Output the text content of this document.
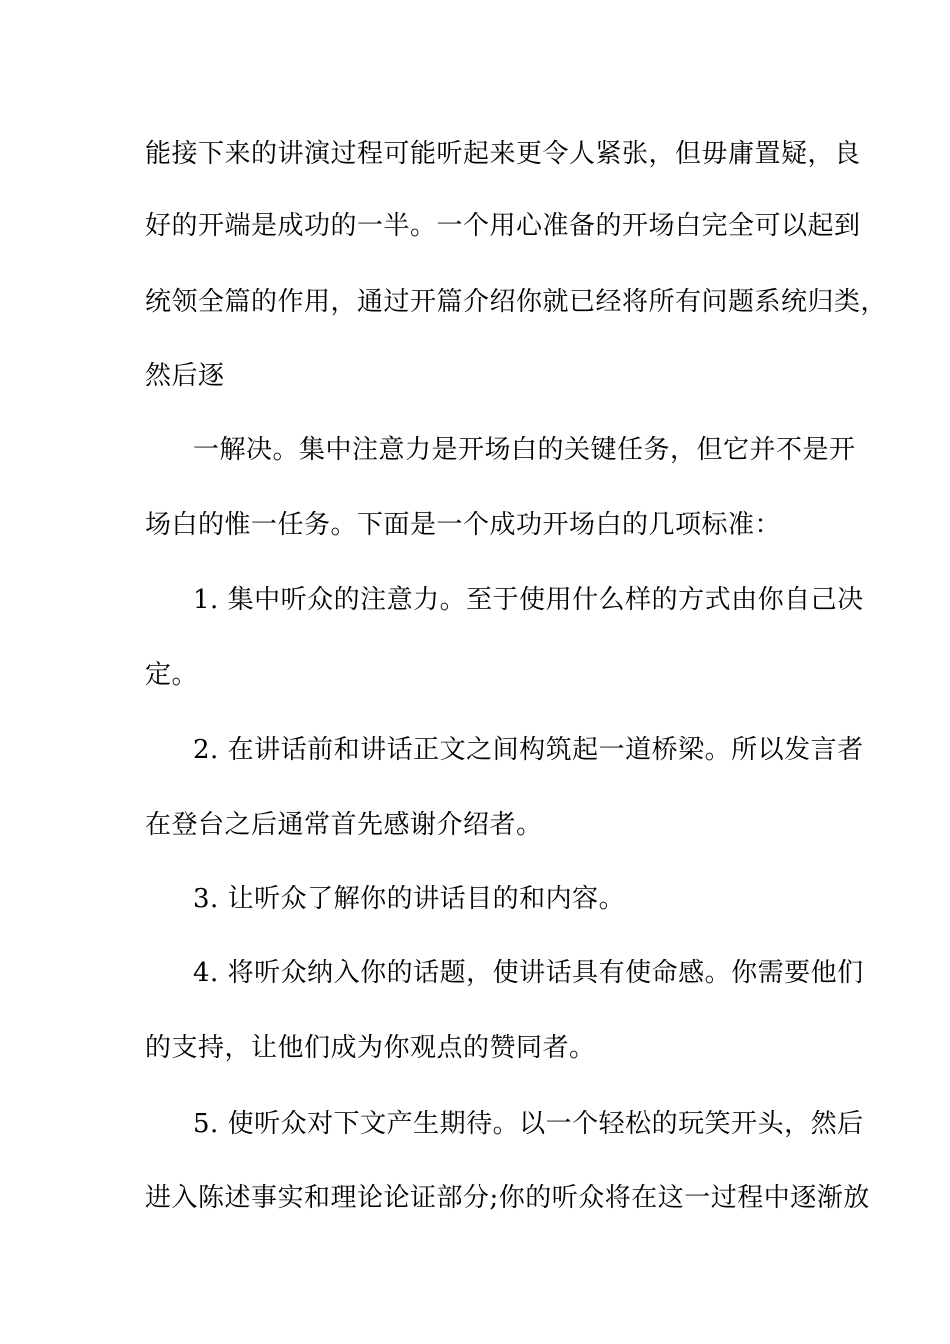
能接下来的讲演过程可能听起来更令人紧张，但毋庸置疑，良
好的开端是成功的一半。一个用心准备的开场白完全可以起到
统领全篇的作用，通过开篇介绍你就已经将所有问题系统归类，
然后逐
一解决。集中注意力是开场白的关键任务，但它并不是开
场白的惟一任务。下面是一个成功开场白的几项标准：
1. 集中听众的注意力。至于使用什么样的方式由你自己决
定。
2. 在讲话前和讲话正文之间构筑起一道桥梁。所以发言者
在登台之后通常首先感谢介绍者。
3. 让听众了解你的讲话目的和内容。
4. 将听众纳入你的话题，使讲话具有使命感。你需要他们
的支持，让他们成为你观点的赞同者。
5. 使听众对下文产生期待。以一个轻松的玩笑开头，然后
进入陈述事实和理论论证部分;你的听众将在这一过程中逐渐放
